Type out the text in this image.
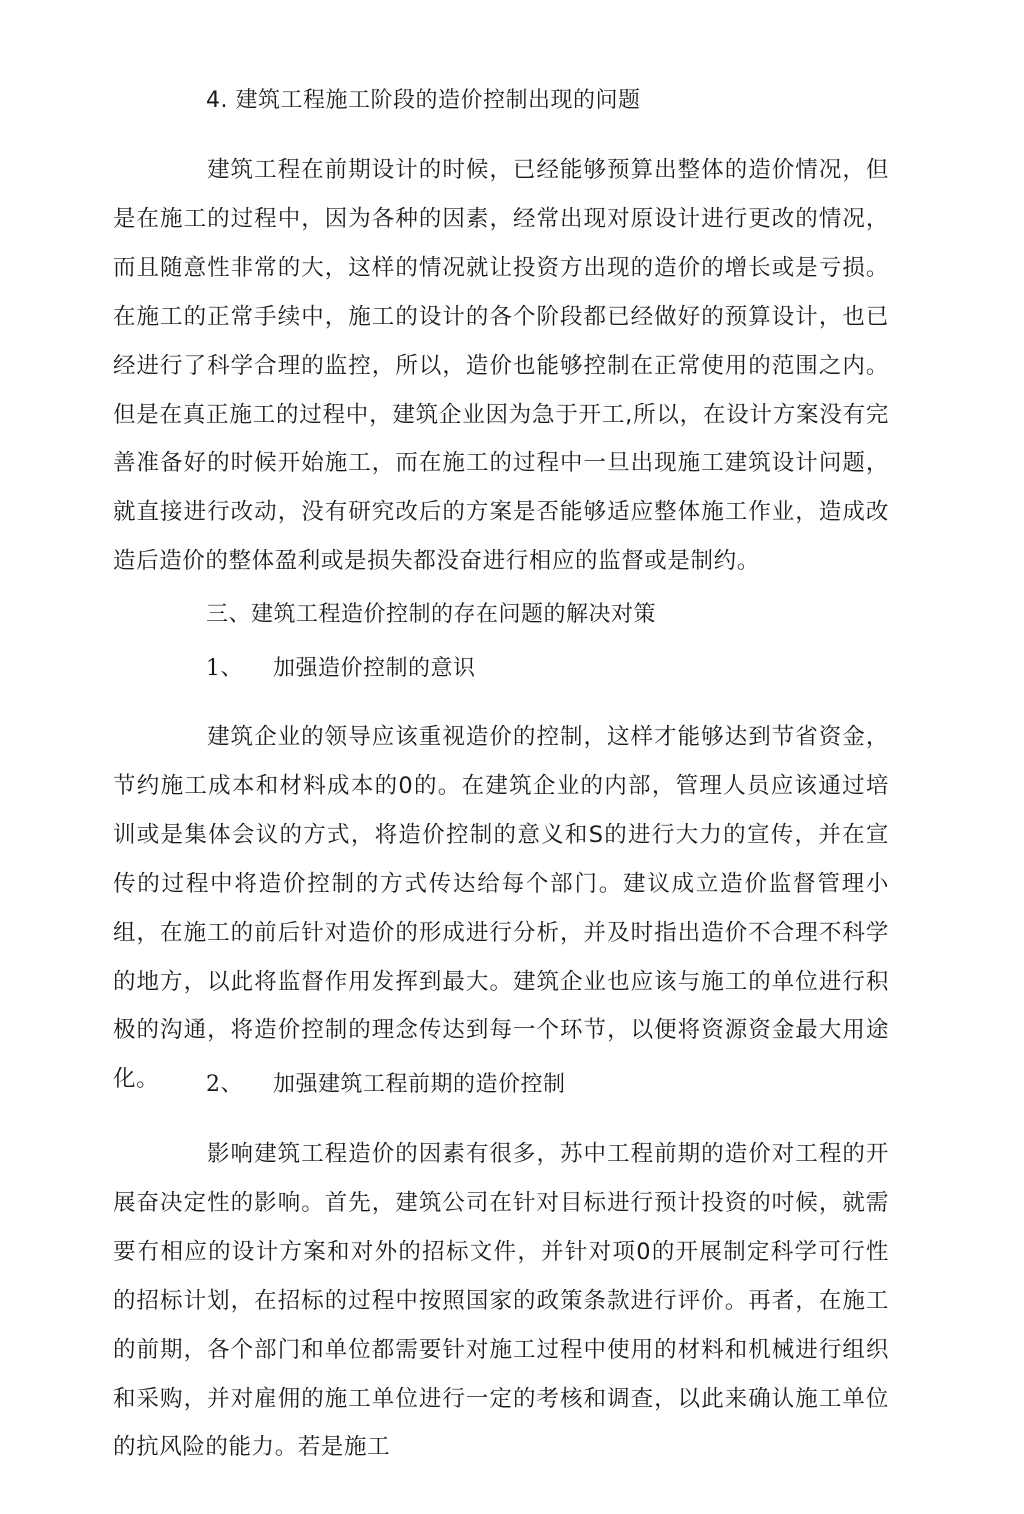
4. 建筑工程施工阶段的造价控制出现的问题
建筑工程在前期设计的时候，已经能够预算出整体的造价情况，但是在施工的过程中，因为各种的因素，经常出现对原设计进行更改的情况，而且随意性非常的大，这样的情况就让投资方出现的造价的增长或是亏损。在施工的正常手续中，施工的设计的各个阶段都已经做好的预算设计，也已经进行了科学合理的监控，所以，造价也能够控制在正常使用的范围之内。但是在真正施工的过程中，建筑企业因为急于开工,所以，在设计方案没有完善准备好的时候开始施工，而在施工的过程中一旦出现施工建筑设计问题，就直接进行改动，没有研究改后的方案是否能够适应整体施工作业，造成改造后造价的整体盈利或是损失都没奋进行相应的监督或是制约。
三、建筑工程造价控制的存在问题的解决对策
1、 加强造价控制的意识
建筑企业的领导应该重视造价的控制，这样才能够达到节省资金，节约施工成本和材料成本的0的。在建筑企业的内部，管理人员应该通过培训或是集体会议的方式，将造价控制的意义和S的进行大力的宣传，并在宣传的过程中将造价控制的方式传达给每个部门。建议成立造价监督管理小组，在施工的前后针对造价的形成进行分析，并及时指出造价不合理不科学的地方，以此将监督作用发挥到最大。建筑企业也应该与施工的单位进行积极的沟通，将造价控制的理念传达到每一个环节，以便将资源资金最大用途化。	2、 加强建筑工程前期的造价控制
影响建筑工程造价的因素有很多，苏中工程前期的造价对工程的开展奋决定性的影响。首先，建筑公司在针对目标进行预计投资的吋候，就需要冇相应的设计方案和对外的招标文件，并针对项0的开展制定科学可行性的招标计划，在招标的过程中按照国家的政策条款进行评价。再者，在施工的前期，各个部门和单位都需要针对施工过程中使用的材料和机械进行组织和采购，并对雇佣的施工单位进行一定的考核和调查，以此来确认施工单位的抗风险的能力。若是施工
